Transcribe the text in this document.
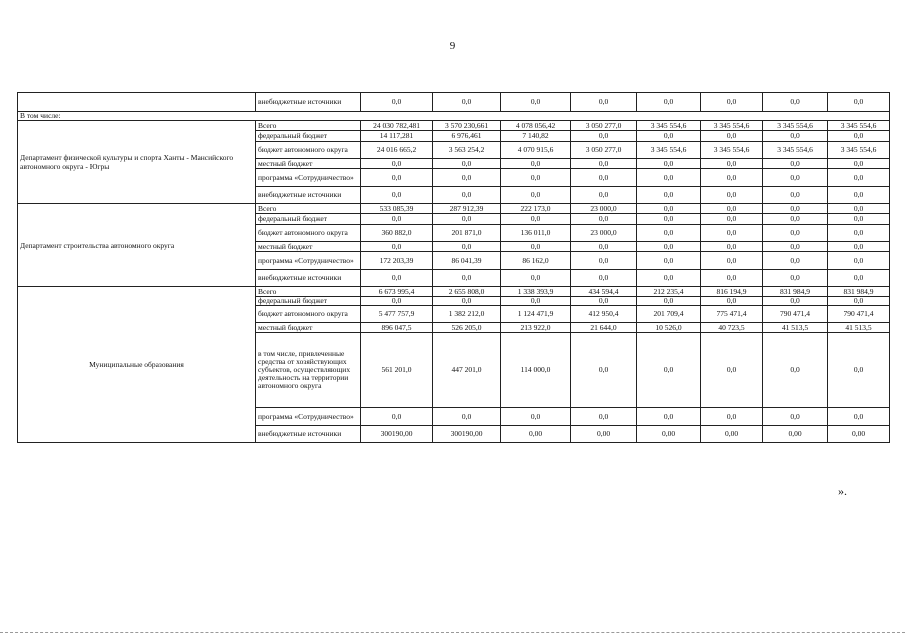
9
	внебюджетные источники	0,0	0,0	0,0	0,0	0,0	0,0	0,0	0,0
В том числе:									
Департамент физической культуры и спорта Ханты - Мансийского автономного округа - Югры	Всего	24 030 782,481	3 570 230,661	4 078 056,42	3 050 277,0	3 345 554,6	3 345 554,6	3 345 554,6	3 345 554,6
	федеральный бюджет	14 117,281	6 976,461	7 140,82	0,0	0,0	0,0	0,0	0,0
	бюджет автономного округа	24 016 665,2	3 563 254,2	4 070 915,6	3 050 277,0	3 345 554,6	3 345 554,6	3 345 554,6	3 345 554,6
	местный бюджет	0,0	0,0	0,0	0,0	0,0	0,0	0,0	0,0
	программа «Сотрудничество»	0,0	0,0	0,0	0,0	0,0	0,0	0,0	0,0
	внебюджетные источники	0,0	0,0	0,0	0,0	0,0	0,0	0,0	0,0
Департамент строительства автономного округа	Всего	533 085,39	287 912,39	222 173,0	23 000,0	0,0	0,0	0,0	0,0
	федеральный бюджет	0,0	0,0	0,0	0,0	0,0	0,0	0,0	0,0
	бюджет автономного округа	360 882,0	201 871,0	136 011,0	23 000,0	0,0	0,0	0,0	0,0
	местный бюджет	0,0	0,0	0,0	0,0	0,0	0,0	0,0	0,0
	программа «Сотрудничество»	172 203,39	86 041,39	86 162,0	0,0	0,0	0,0	0,0	0,0
	внебюджетные источники	0,0	0,0	0,0	0,0	0,0	0,0	0,0	0,0
Муниципальные образования	Всего	6 673 995,4	2 655 808,0	1 338 393,9	434 594,4	212 235,4	816 194,9	831 984,9	831 984,9
	федеральный бюджет	0,0	0,0	0,0	0,0	0,0	0,0	0,0	0,0
	бюджет автономного округа	5 477 757,9	1 382 212,0	1 124 471,9	412 950,4	201 709,4	775 471,4	790 471,4	790 471,4
	местный бюджет	896 047,5	526 205,0	213 922,0	21 644,0	10 526,0	40 723,5	41 513,5	41 513,5
	в том числе, привлеченные средства от хозяйствующих субъектов, осуществляющих деятельность на территории автономного округа	561 201,0	447 201,0	114 000,0	0,0	0,0	0,0	0,0	0,0
	программа «Сотрудничество»	0,0	0,0	0,0	0,0	0,0	0,0	0,0	0,0
	внебюджетные источники	300190,00	300190,00	0,00	0,00	0,00	0,00	0,00	0,00
».
